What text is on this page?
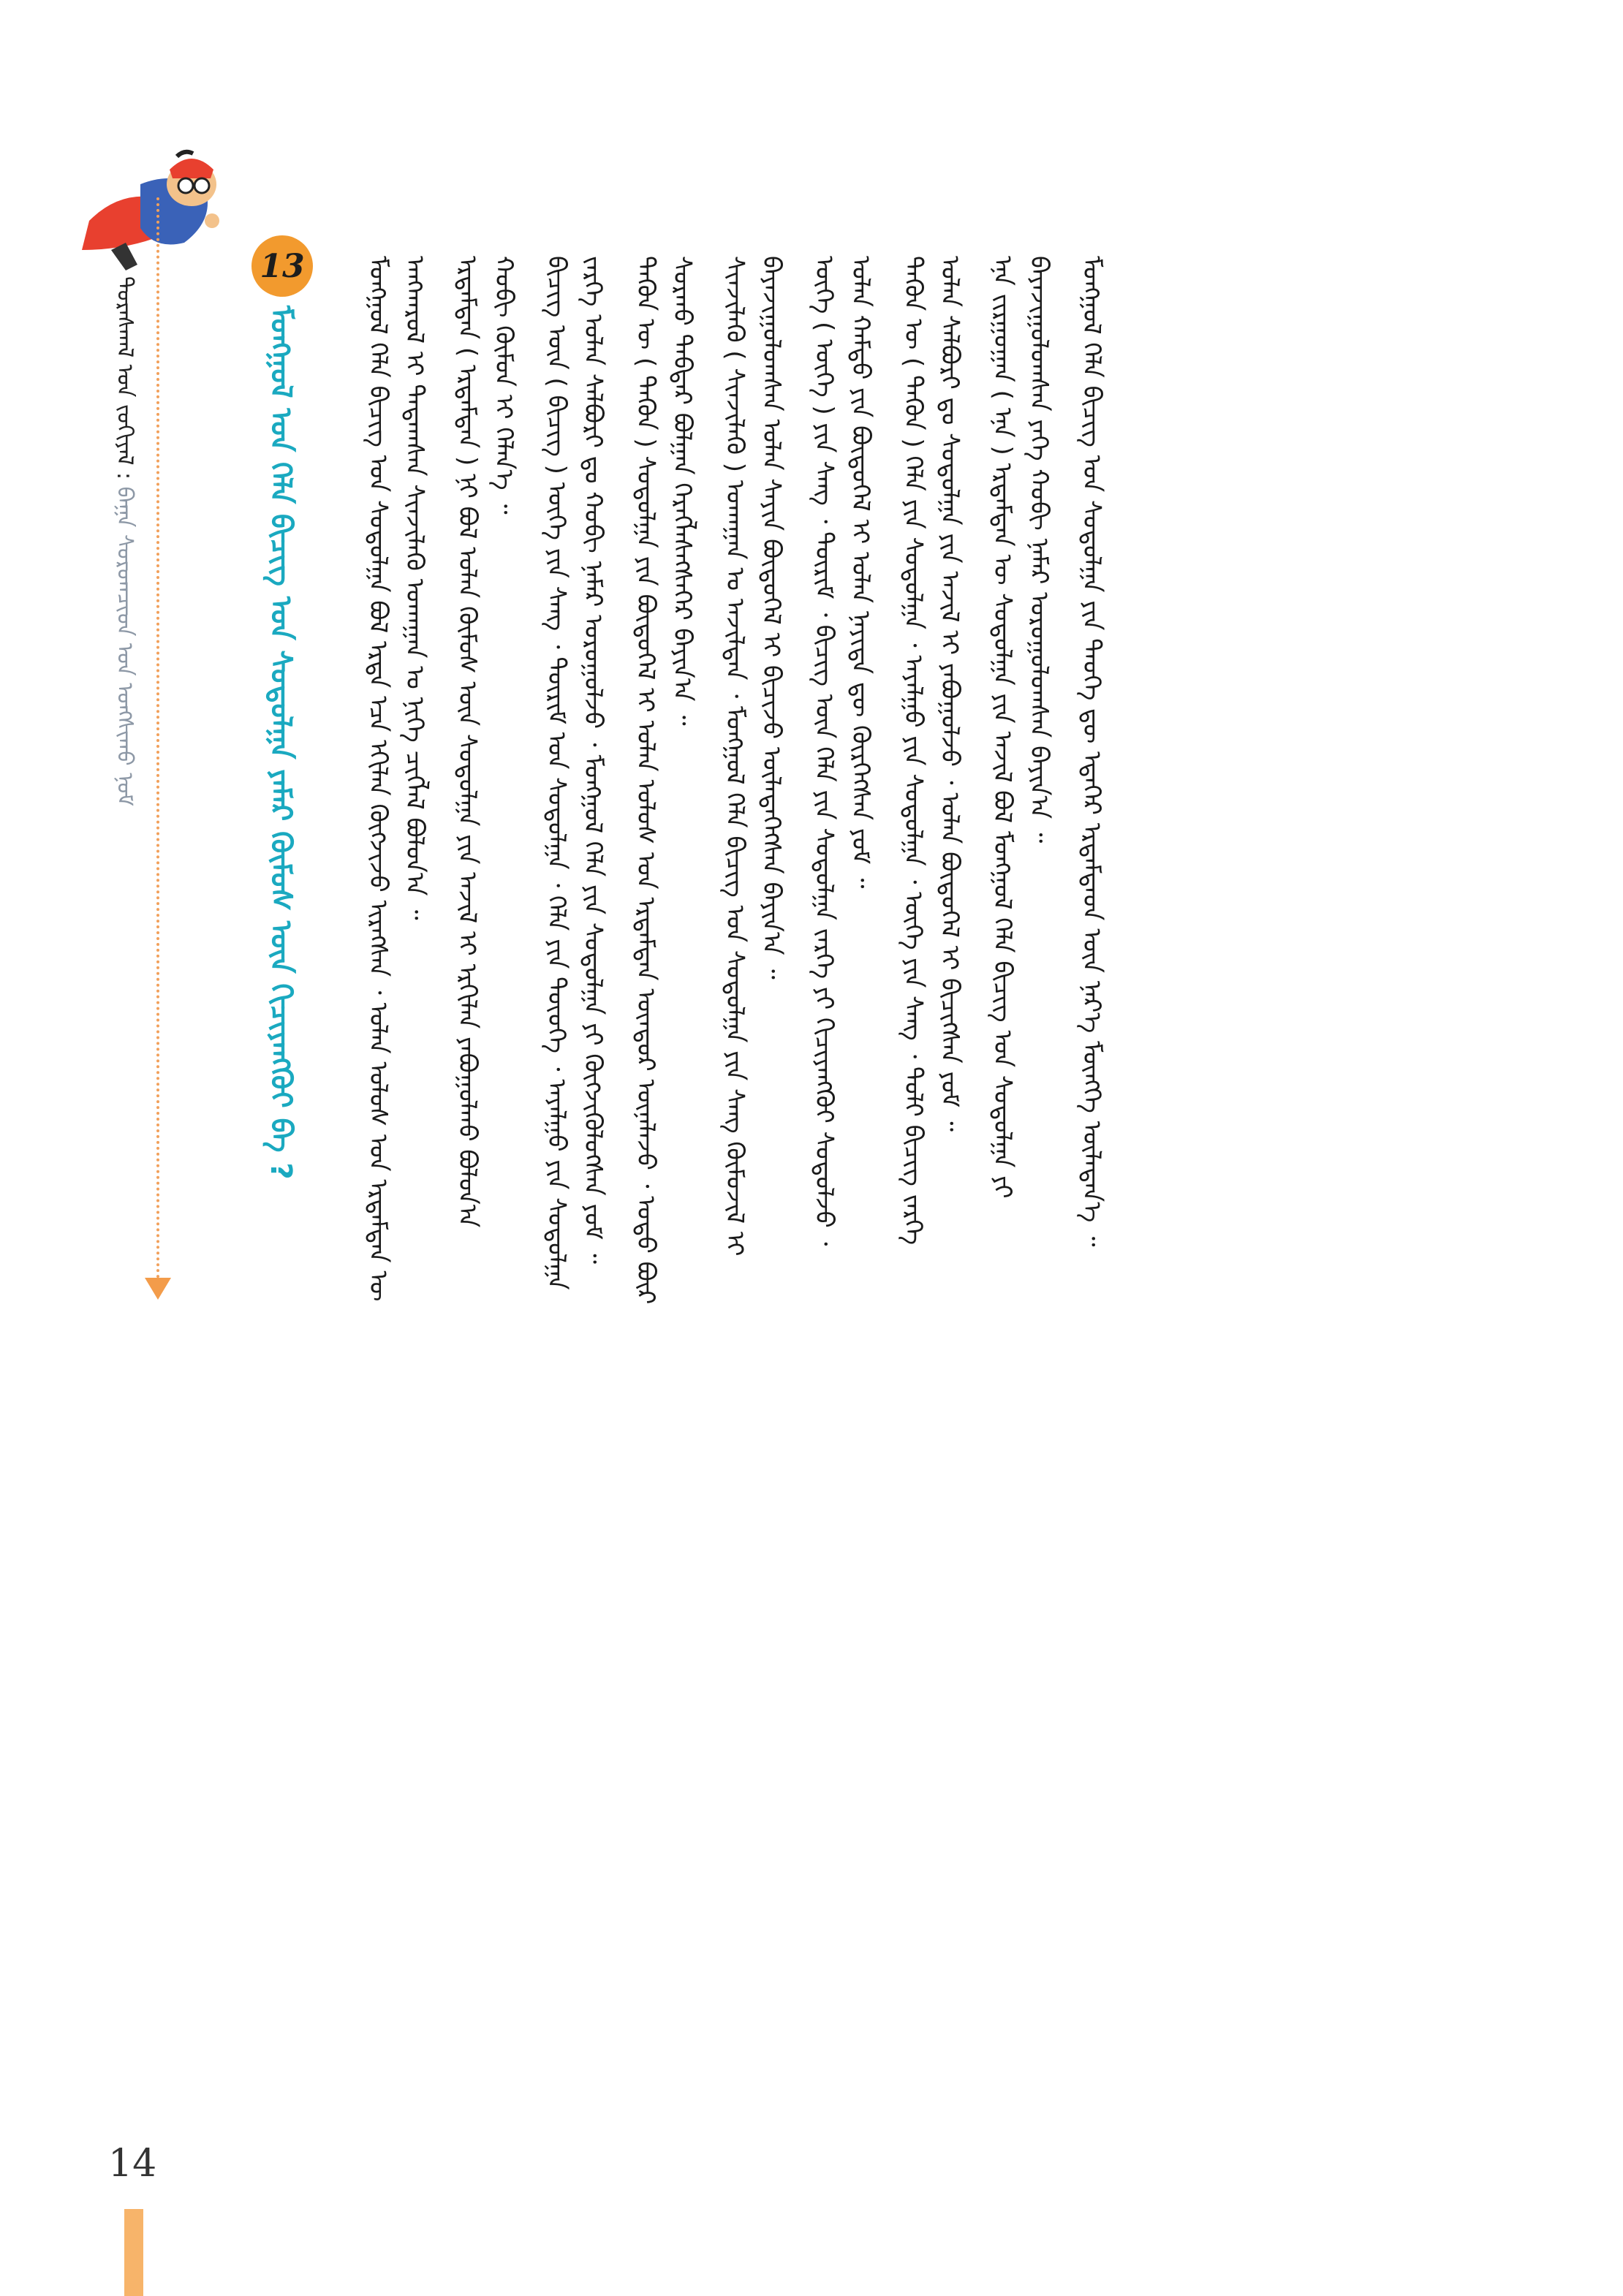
ᠳᠤᠷᠠᠰᠬᠠᠯ ᠤᠨ ᠵᠤᠬᠢᠶᠠᠯ : ᠪᠠᠭᠠ ᠰᠤᠷᠤᠭᠴᠢᠳ ᠤᠨ ᠤᠩᠰᠢᠬᠤ ᠨᠣᠮ
13
ᠮᠣᠩᠭᠣᠯ ᠤᠨ ᠬᠡᠯᠡ ᠪᠢᠴᠢᠭ ᠤᠨ ᠰᠤᠳᠤᠯᠭᠠ ᠶᠠᠮᠠᠷ ᠬᠦᠮᠦᠰ ᠦᠨ ᠬᠢᠴᠢᠶᠡᠩᠭᠦᠢ ᠪᠡ ?	ᠮᠣᠩᠭᠣᠯ ᠬᠡᠯᠡ ᠪᠢᠴᠢᠭ ᠤᠨ ᠰᠤᠳᠤᠯᠭᠠ ᠪᠣᠯ ᠡᠷᠲᠡ ᠡᠴᠡ ᠡᠬᠢᠯᠡᠨ ᠬᠦᠭᠵᠢᠵᠦ ᠢᠷᠡᠭᠰᠡᠨ ᠂ ᠣᠯᠠᠨ ᠤᠯᠤᠰ ᠤᠨ ᠡᠷᠳᠡᠮᠲᠡᠨ ᠦ ᠠᠩᠬᠠᠷᠤᠯ ᠢ ᠲᠠᠲᠠᠭᠰᠠᠨ ᠰᠢᠨᠵᠢᠯᠡᠬᠦ ᠤᠬᠠᠭᠠᠨ ᠤ ᠨᠢᠭᠡ ᠴᠢᠭᠯᠡᠯ ᠪᠣᠯᠤᠨ᠎ᠠ ᠃ ᠡᠷᠳᠡᠮᠲᠡᠨ ( ᠡᠷᠳᠡᠮᠲᠡᠨ ) ᠨᠢ ᠪᠣᠯ ᠣᠯᠠᠨ ᠬᠦᠮᠦᠰ ᠦᠨ ᠰᠤᠳᠤᠯᠭᠠ ᠶᠢᠨ ᠠᠵᠢᠯ ᠢ ᠡᠷᠬᠢᠯᠡᠨ ᠶᠠᠪᠤᠭᠤᠯᠬᠤ ᠪᠣᠯᠤᠨ᠎ᠠ ᠬᠤᠪᠢ ᠬᠦᠮᠦᠨ ᠢ ᠬᠡᠯᠡᠨ᠎ᠡ ᠃ ᠪᠢᠴᠢᠭ ᠦᠨ ( ᠪᠢᠴᠢᠭ ) ᠦᠭᠡ ᠶᠢᠨ ᠰᠠᠩ ᠂ ᠳᠦᠷᠢᠮ ᠤᠨ ᠰᠤᠳᠤᠯᠭᠠ ᠂ ᠬᠡᠯᠡ ᠶᠢᠨ ᠲᠦᠦᠬᠡ ᠂ ᠠᠶᠠᠯᠭᠤ ᠶᠢᠨ ᠰᠤᠳᠤᠯᠭᠠ ᠵᠡᠷᠭᠡ ᠣᠯᠠᠨ ᠰᠠᠯᠪᠤᠷᠢ ᠳᠤ ᠬᠤᠪᠢ ᠨᠡᠮᠡᠷ ᠣᠷᠣᠭᠤᠯᠵᠤ ᠂ ᠮᠣᠩᠭᠣᠯ ᠬᠡᠯᠡ ᠶᠢᠨ ᠰᠤᠳᠤᠯᠭᠠ ᠶᠢ ᠬᠦᠭᠵᠢᠭᠦᠯᠦᠭᠰᠡᠨ ᠶᠤᠮ ᠃ ᠲᠡᠭᠦᠨ ᠦ ( ᠲᠡᠭᠦᠨ ) ᠰᠤᠳᠤᠯᠭᠠ ᠶᠢᠨ ᠪᠦᠲᠦᠭᠡᠯ ᠢ ᠣᠯᠠᠨ ᠤᠯᠤᠰ ᠤᠨ ᠡᠷᠳᠡᠮᠲᠡᠨ ᠦᠨᠳᠦᠷ ᠦᠨᠡᠯᠡᠵᠦ ᠂ ᠣᠳᠣ ᠪᠦᠷ ᠰᠤᠷᠬᠤ ᠳᠡᠪᠲᠡᠷ ᠪᠣᠯᠭᠠᠨ ᠬᠡᠷᠡᠭᠯᠡᠰᠡᠭᠰᠡᠭᠡᠷ ᠪᠠᠶᠢᠨ᠎ᠠ ᠃ ᠰᠢᠨᠵᠢᠯᠡᠬᠦ ( ᠰᠢᠨᠵᠢᠯᠡᠬᠦ ) ᠤᠬᠠᠭᠠᠨ ᠤ ᠠᠵᠢᠯᠲᠠᠨ ᠂ ᠮᠣᠩᠭᠣᠯ ᠬᠡᠯᠡ ᠪᠢᠴᠢᠭ ᠤᠨ ᠰᠤᠳᠤᠯᠭᠠ ᠶᠢᠨ ᠰᠠᠩ ᠬᠦᠮᠦᠵᠢᠯ ᠢ ᠪᠠᠶᠠᠵᠢᠭᠤᠯᠤᠭᠰᠠᠨ ᠣᠯᠠᠨ ᠰᠠᠶᠢᠨ ᠪᠦᠲᠦᠭᠡᠯ ᠢ ᠪᠢᠴᠢᠵᠦ ᠦᠯᠡᠳᠡᠭᠡᠭᠰᠡᠨ ᠪᠠᠶᠢᠨ᠎ᠠ ᠃ ᠦᠭᠡ ( ᠦᠭᠡ ) ᠶᠢᠨ ᠰᠠᠩ ᠂ ᠳᠦᠷᠢᠮ ᠂ ᠪᠢᠴᠢᠭ ᠦᠨ ᠬᠡᠯᠡ ᠶᠢᠨ ᠰᠤᠳᠤᠯᠭᠠ ᠵᠡᠷᠭᠡ ᠶᠢ ᠬᠢᠴᠢᠶᠡᠩᠭᠦᠢ ᠰᠤᠳᠤᠯᠵᠤ ᠂ ᠣᠯᠠᠨ ᠬᠠᠮᠲᠤ ᠶᠢᠨ ᠪᠦᠲᠦᠭᠡᠯ ᠢ ᠣᠯᠠᠨ ᠨᠡᠶᠢᠲᠡ ᠳᠦ ᠬᠦᠷᠭᠡᠭᠰᠡᠨ ᠶᠤᠮ ᠃ ᠲᠡᠭᠦᠨ ᠦ ( ᠲᠡᠭᠦᠨ ) ᠬᠡᠯᠡ ᠶᠢᠨ ᠰᠤᠳᠤᠯᠭᠠ ᠂ ᠠᠶᠠᠯᠭᠤ ᠶᠢᠨ ᠰᠤᠳᠤᠯᠭᠠ ᠂ ᠦᠭᠡ ᠶᠢᠨ ᠰᠠᠩ ᠂ ᠲᠤᠯᠢ ᠪᠢᠴᠢᠭ ᠵᠡᠷᠭᠡ ᠣᠯᠠᠨ ᠰᠠᠯᠪᠤᠷᠢ ᠳᠤ ᠰᠤᠳᠤᠯᠭᠠ ᠶᠢᠨ ᠠᠵᠢᠯ ᠢ ᠶᠠᠪᠤᠭᠤᠯᠵᠤ ᠂ ᠣᠯᠠᠨ ᠪᠦᠲᠦᠭᠡᠯ ᠢ ᠪᠢᠴᠢᠭᠰᠡᠨ ᠶᠤᠮ ᠃ ᠡᠨᠡ ᠵᠢᠷᠭᠤᠭᠠᠨ ( ᠡᠨᠡ ) ᠡᠷᠳᠡᠮᠲᠡᠨ ᠦ ᠰᠤᠳᠤᠯᠭᠠ ᠶᠢᠨ ᠠᠵᠢᠯ ᠪᠣᠯ ᠮᠣᠩᠭᠣᠯ ᠬᠡᠯᠡ ᠪᠢᠴᠢᠭ ᠤᠨ ᠰᠤᠳᠤᠯᠭᠠ ᠶᠢ ᠪᠠᠶᠠᠵᠢᠭᠤᠯᠤᠭᠰᠠᠨ ᠶᠡᠬᠡ ᠬᠤᠪᠢ ᠨᠡᠮᠡᠷ ᠣᠷᠣᠭᠤᠯᠤᠭᠰᠠᠨ ᠪᠠᠶᠢᠨ᠎ᠠ ᠃ ᠮᠣᠩᠭᠣᠯ ᠬᠡᠯᠡ ᠪᠢᠴᠢᠭ ᠤᠨ ᠰᠤᠳᠤᠯᠭᠠ ᠶᠢᠨ ᠲᠡᠦᠬᠡ ᠳᠦ ᠡᠳᠡᠭᠡᠷ ᠡᠷᠳᠡᠮᠲᠡᠳ ᠦᠨ ᠨᠡᠷ᠎ᠡ ᠮᠥᠩᠬᠡ ᠦᠯᠡᠳᠡᠨ᠎ᠡ ᠃
14
